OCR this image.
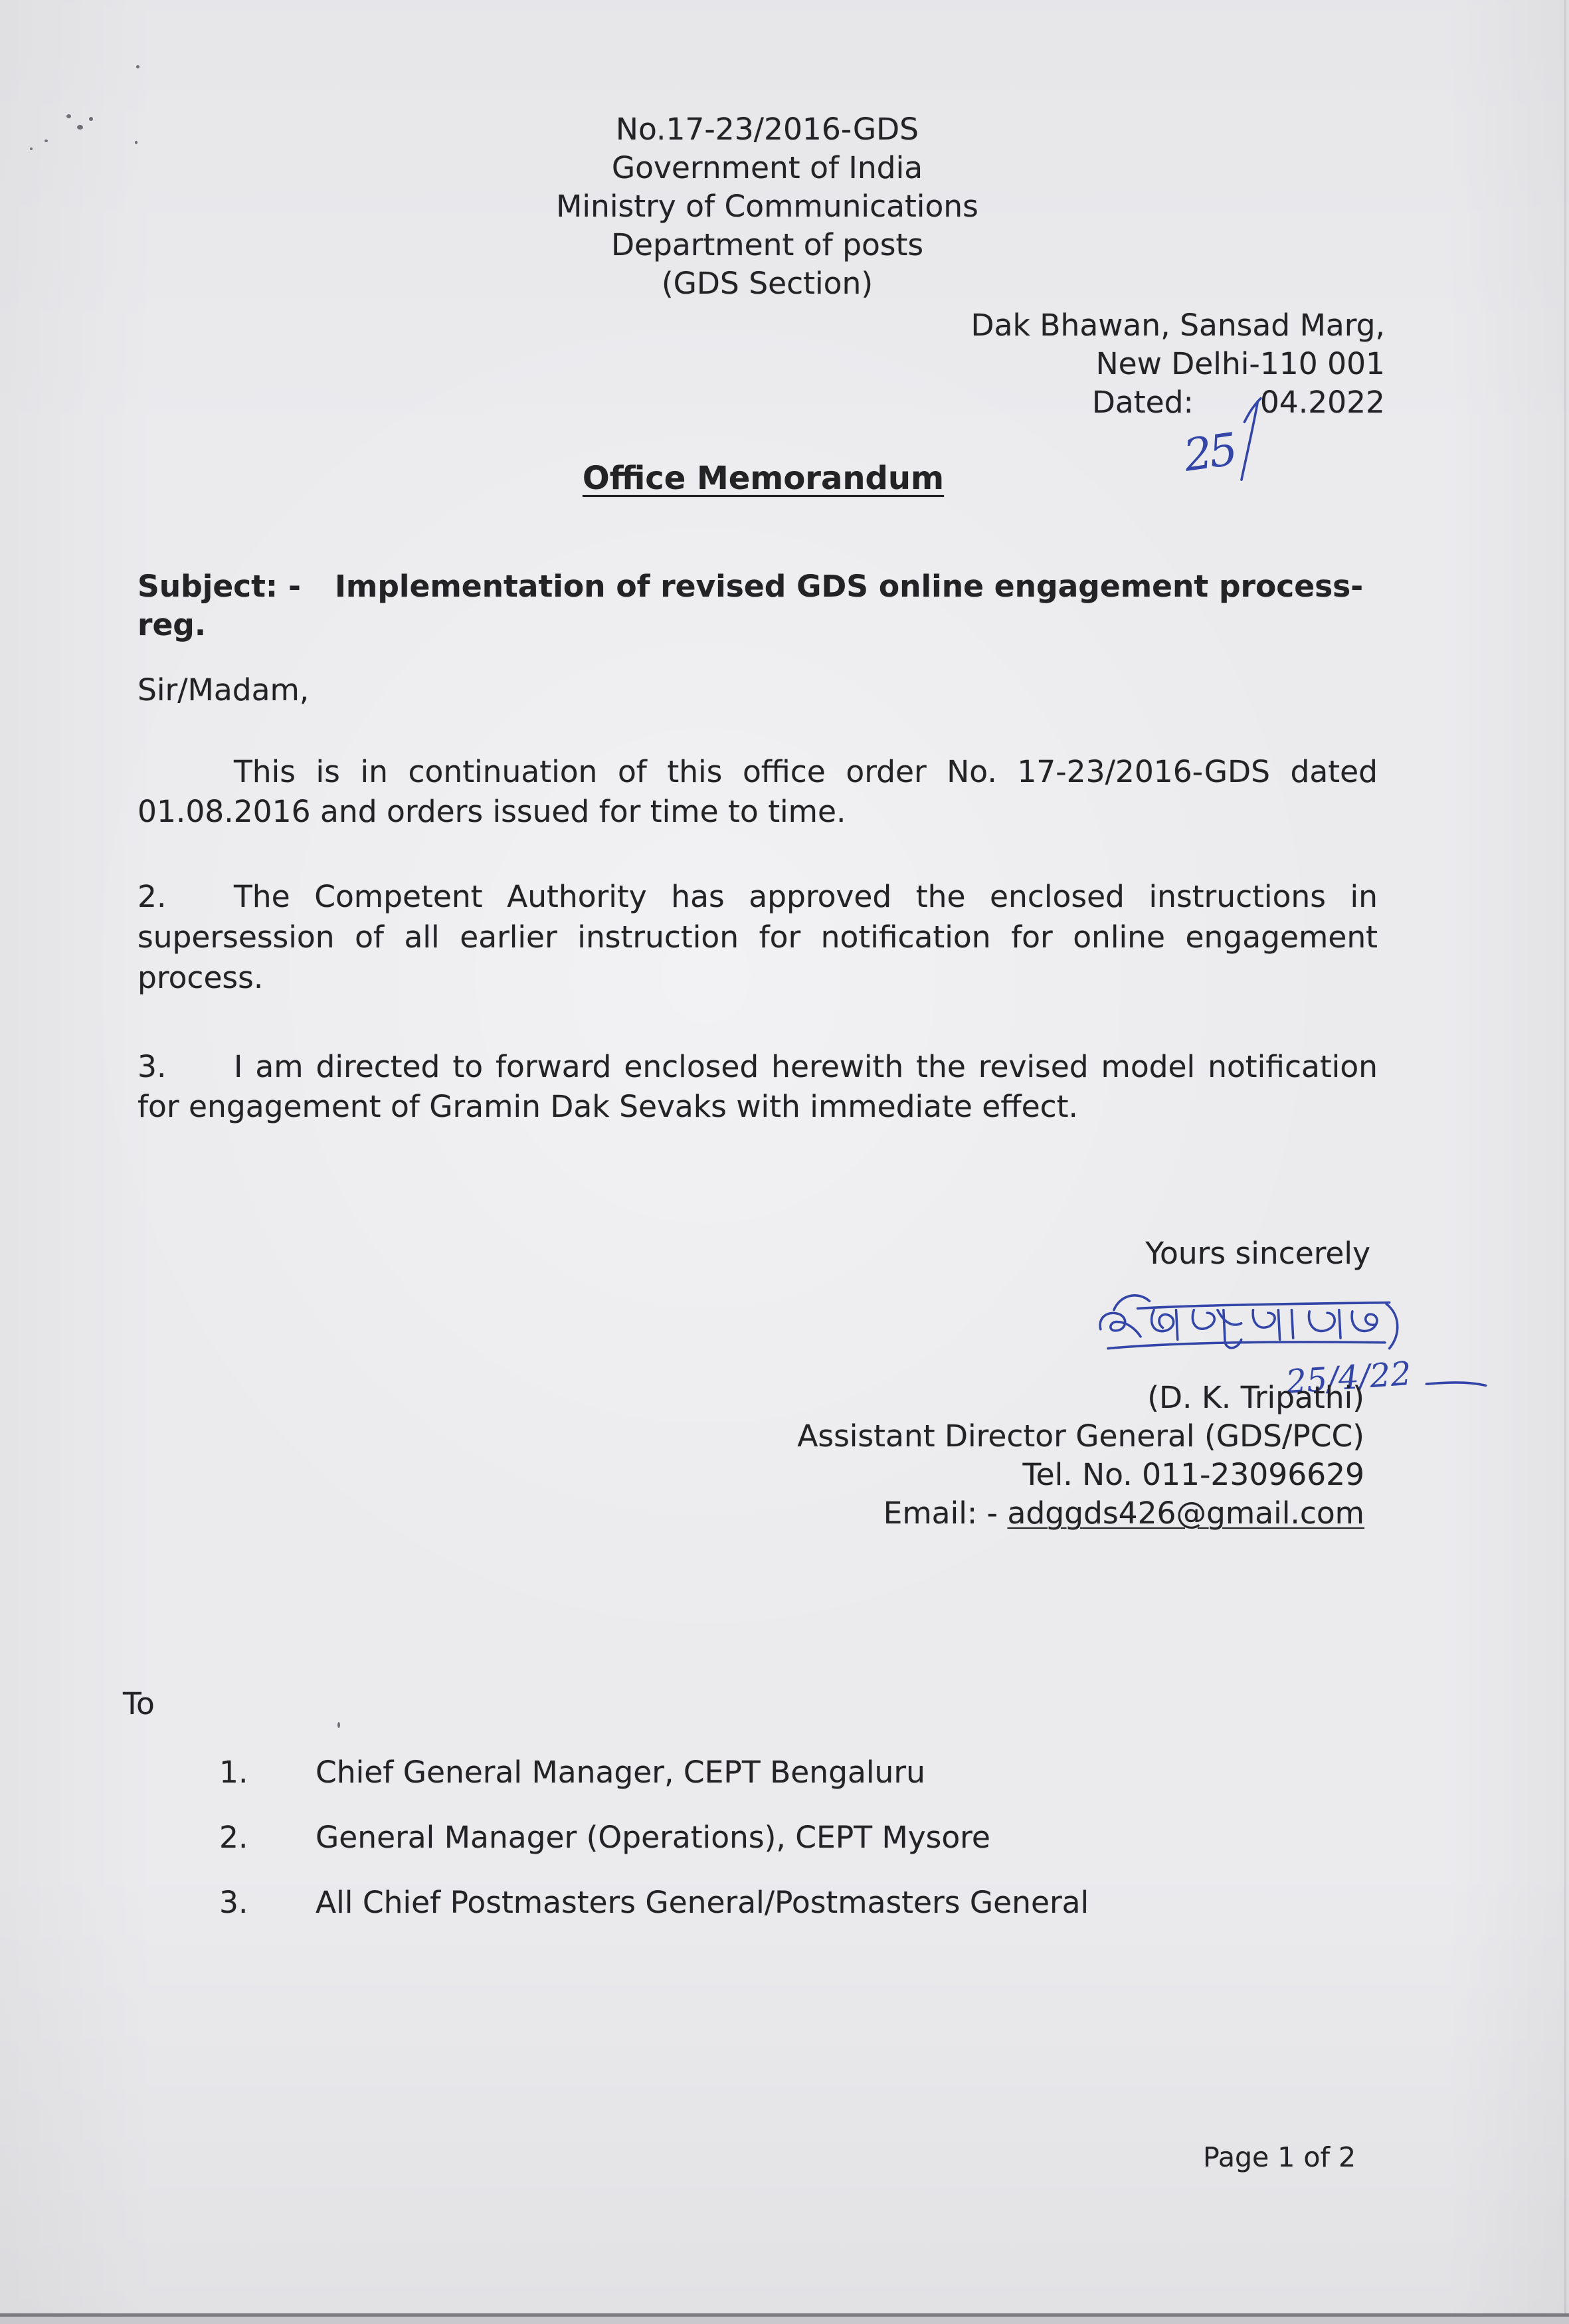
No.17-23/2016-GDS
Government of India
Ministry of Communications
Department of posts
(GDS Section)
Dak Bhawan, Sansad Marg,
New Delhi-110 001
Dated: 04.2022
25
Office Memorandum
Subject: - Implementation of revised GDS online engagement process-
reg.
Sir/Madam,
This is in continuation of this office order No. 17-23/2016-GDS dated
01.08.2016 and orders issued for time to time.
2. The Competent Authority has approved the enclosed instructions in
supersession of all earlier instruction for notification for online engagement
process.
3. I am directed to forward enclosed herewith the revised model notification
for engagement of Gramin Dak Sevaks with immediate effect.
Yours sincerely
25/4/22
(D. K. Tripathi)
Assistant Director General (GDS/PCC)
Tel. No. 011-23096629
Email: - adggds426@gmail.com
To
1. Chief General Manager, CEPT Bengaluru
2. General Manager (Operations), CEPT Mysore
3. All Chief Postmasters General/Postmasters General
Page 1 of 2
